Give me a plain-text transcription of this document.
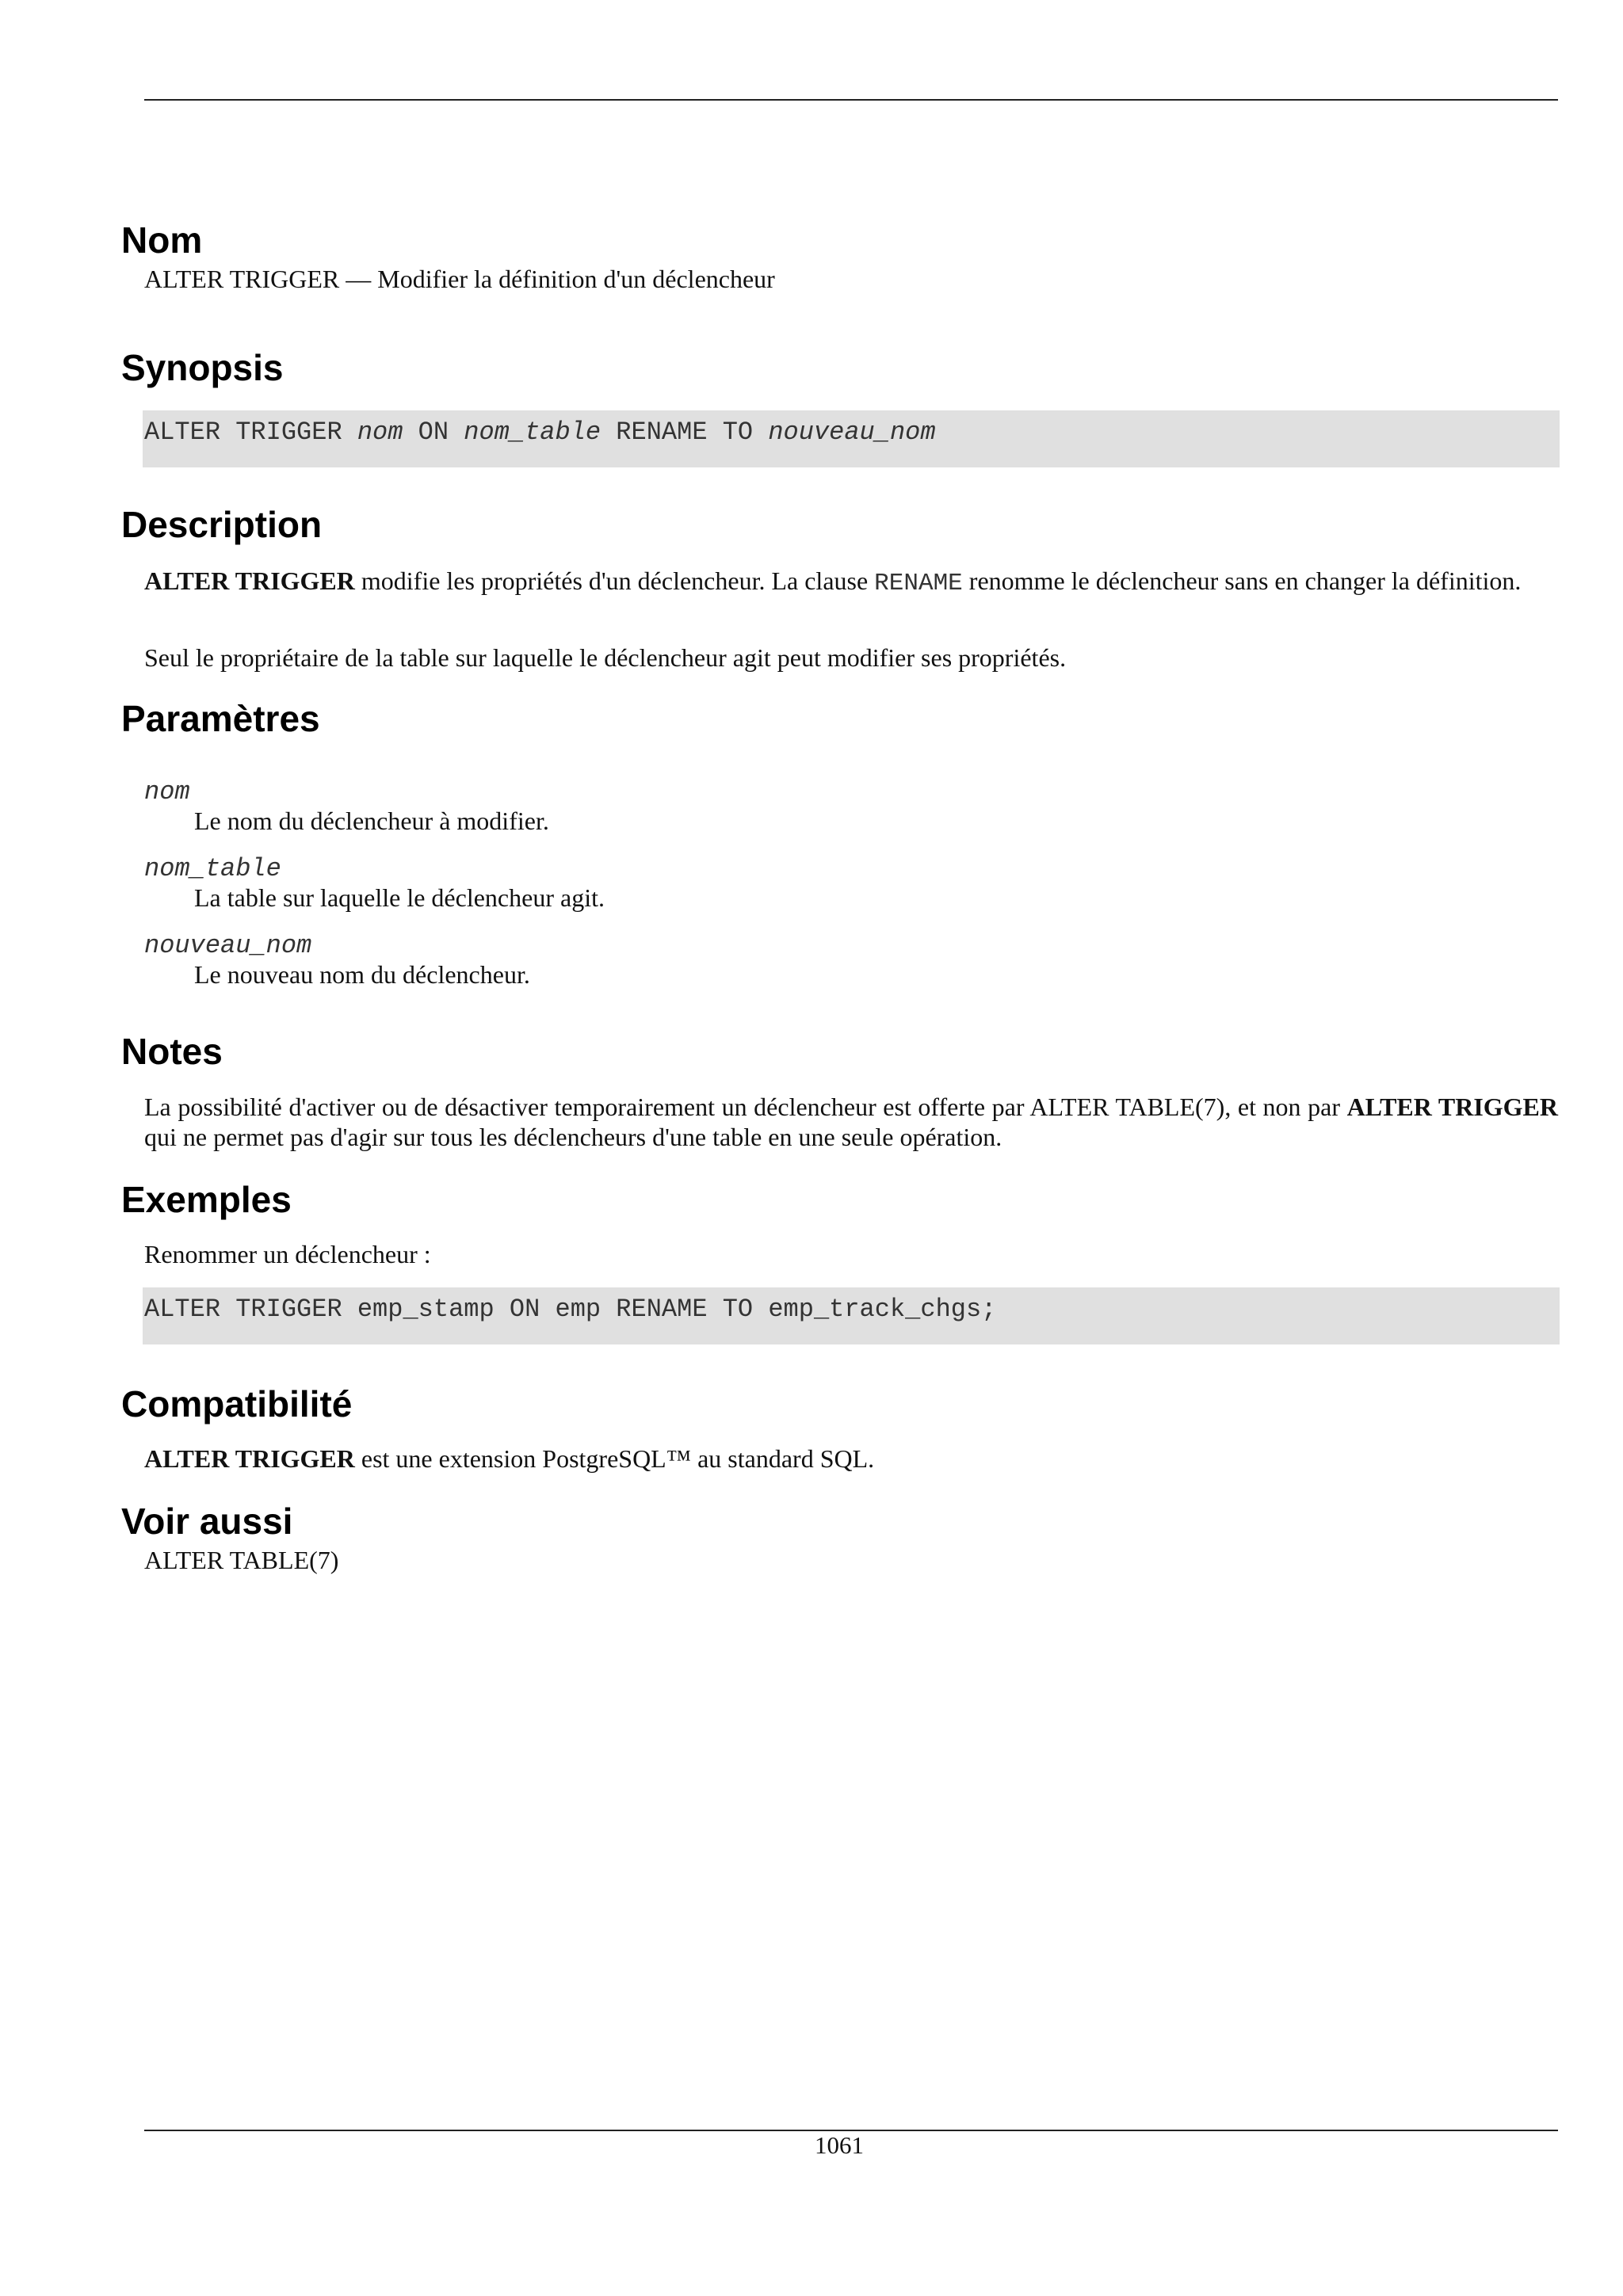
Nom

ALTER TRIGGER — Modifier la définition d'un déclencheur

Synopsis
ALTER TRIGGER nom ON nom_table RENAME TO nouveau_nom
Description

ALTER TRIGGER modifie les propriétés d'un déclencheur. La clause RENAME renomme le déclencheur sans en changer la définition.

Seul le propriétaire de la table sur laquelle le déclencheur agit peut modifier ses propriétés.

Paramètres
nom
Le nom du déclencheur à modifier.
nom_table
La table sur laquelle le déclencheur agit.
nouveau_nom
Le nouveau nom du déclencheur.
Notes

La possibilité d'activer ou de désactiver temporairement un déclencheur est offerte par ALTER TABLE(7), et non par ALTER TRIGGER qui ne permet pas d'agir sur tous les déclencheurs d'une table en une seule opération.

Exemples

Renommer un déclencheur :

ALTER TRIGGER emp_stamp ON emp RENAME TO emp_track_chgs;
Compatibilité

ALTER TRIGGER est une extension PostgreSQL™ au standard SQL.

Voir aussi

ALTER TABLE(7)

1061
